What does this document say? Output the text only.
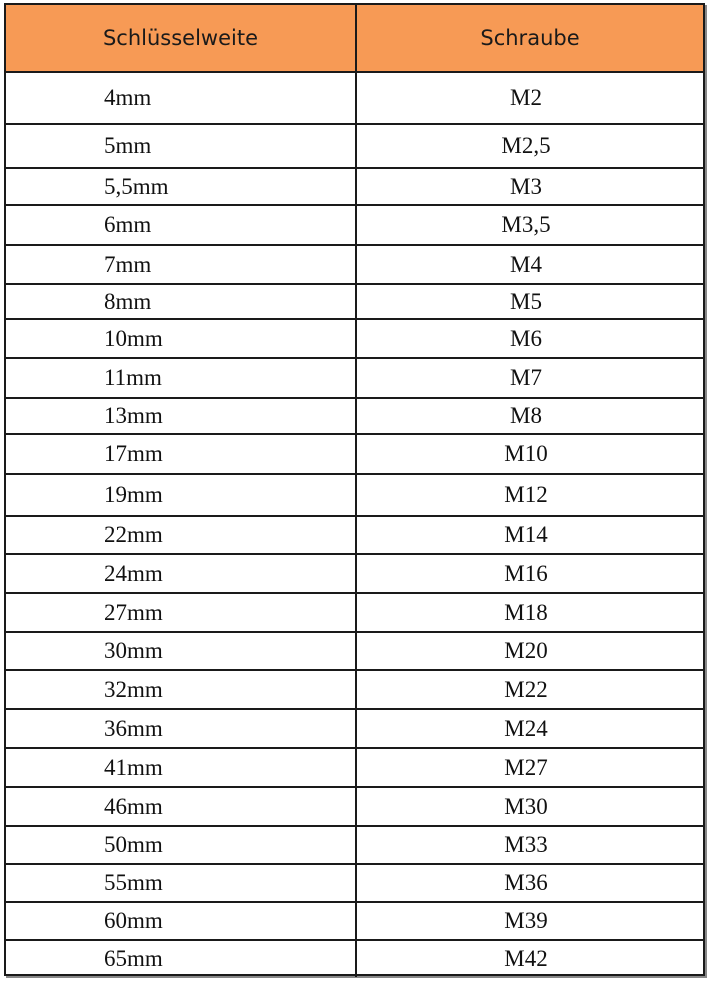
Schlüsselweite	Schraube
4mm	M2
5mm	M2,5
5,5mm	M3
6mm	M3,5
7mm	M4
8mm	M5
10mm	M6
11mm	M7
13mm	M8
17mm	M10
19mm	M12
22mm	M14
24mm	M16
27mm	M18
30mm	M20
32mm	M22
36mm	M24
41mm	M27
46mm	M30
50mm	M33
55mm	M36
60mm	M39
65mm	M42
